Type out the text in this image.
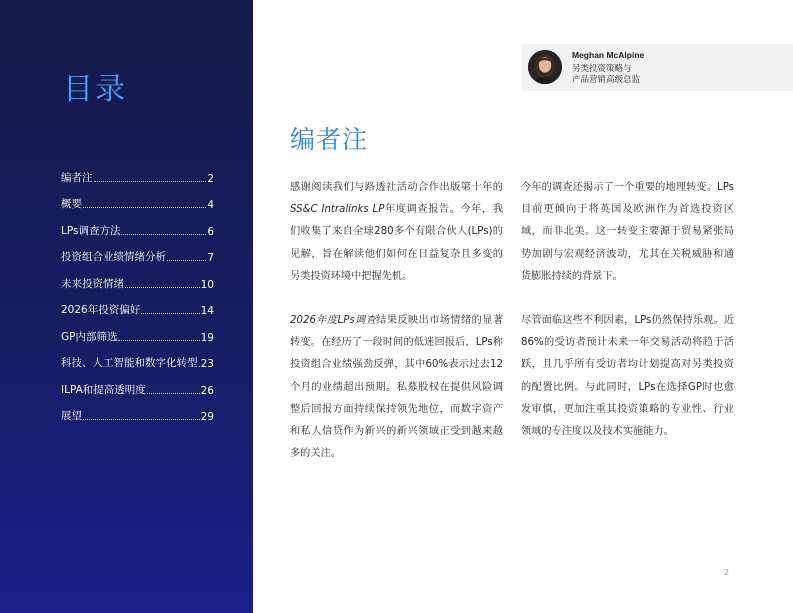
目录
编者注	2
概要	4
LPs调查方法	6
投资组合业绩情绪分析	7
未来投资情绪	10
2026年投资偏好	14
GP内部筛选	19
科技、人工智能和数字化转型 23
ILPA和提高透明度	26
展望	29
Meghan McAlpine
另类投资策略与
产品营销高级总监
编者注

感谢阅读我们与路透社活动合作出版第十年的SS&C Intralinks LP年度调查报告。今年，我们收集了来自全球280多个有限合伙人(LPs)的见解，旨在解读他们如何在日益复杂且多变的另类投资环境中把握先机。

2026年度LPs调查结果反映出市场情绪的显著转变。在经历了一段时间的低迷回报后，LPs称投资组合业绩强劲反弹，其中60%表示过去12个月的业绩超出预期。私募股权在提供风险调整后回报方面持续保持领先地位，而数字资产和私人信贷作为新兴的新兴领域正受到越来越多的关注。

今年的调查还揭示了一个重要的地理转变。LPs目前更倾向于将英国及欧洲作为首选投资区域，而非北美。这一转变主要源于贸易紧张局势加剧与宏观经济波动，尤其在关税威胁和通货膨胀持续的背景下。

尽管面临这些不利因素，LPs仍然保持乐观。近86%的受访者预计未来一年交易活动将趋于活跃，且几乎所有受访者均计划提高对另类投资的配置比例。与此同时，LPs在选择GP时也愈发审慎，更加注重其投资策略的专业性、行业领域的专注度以及技术实施能力。

2
